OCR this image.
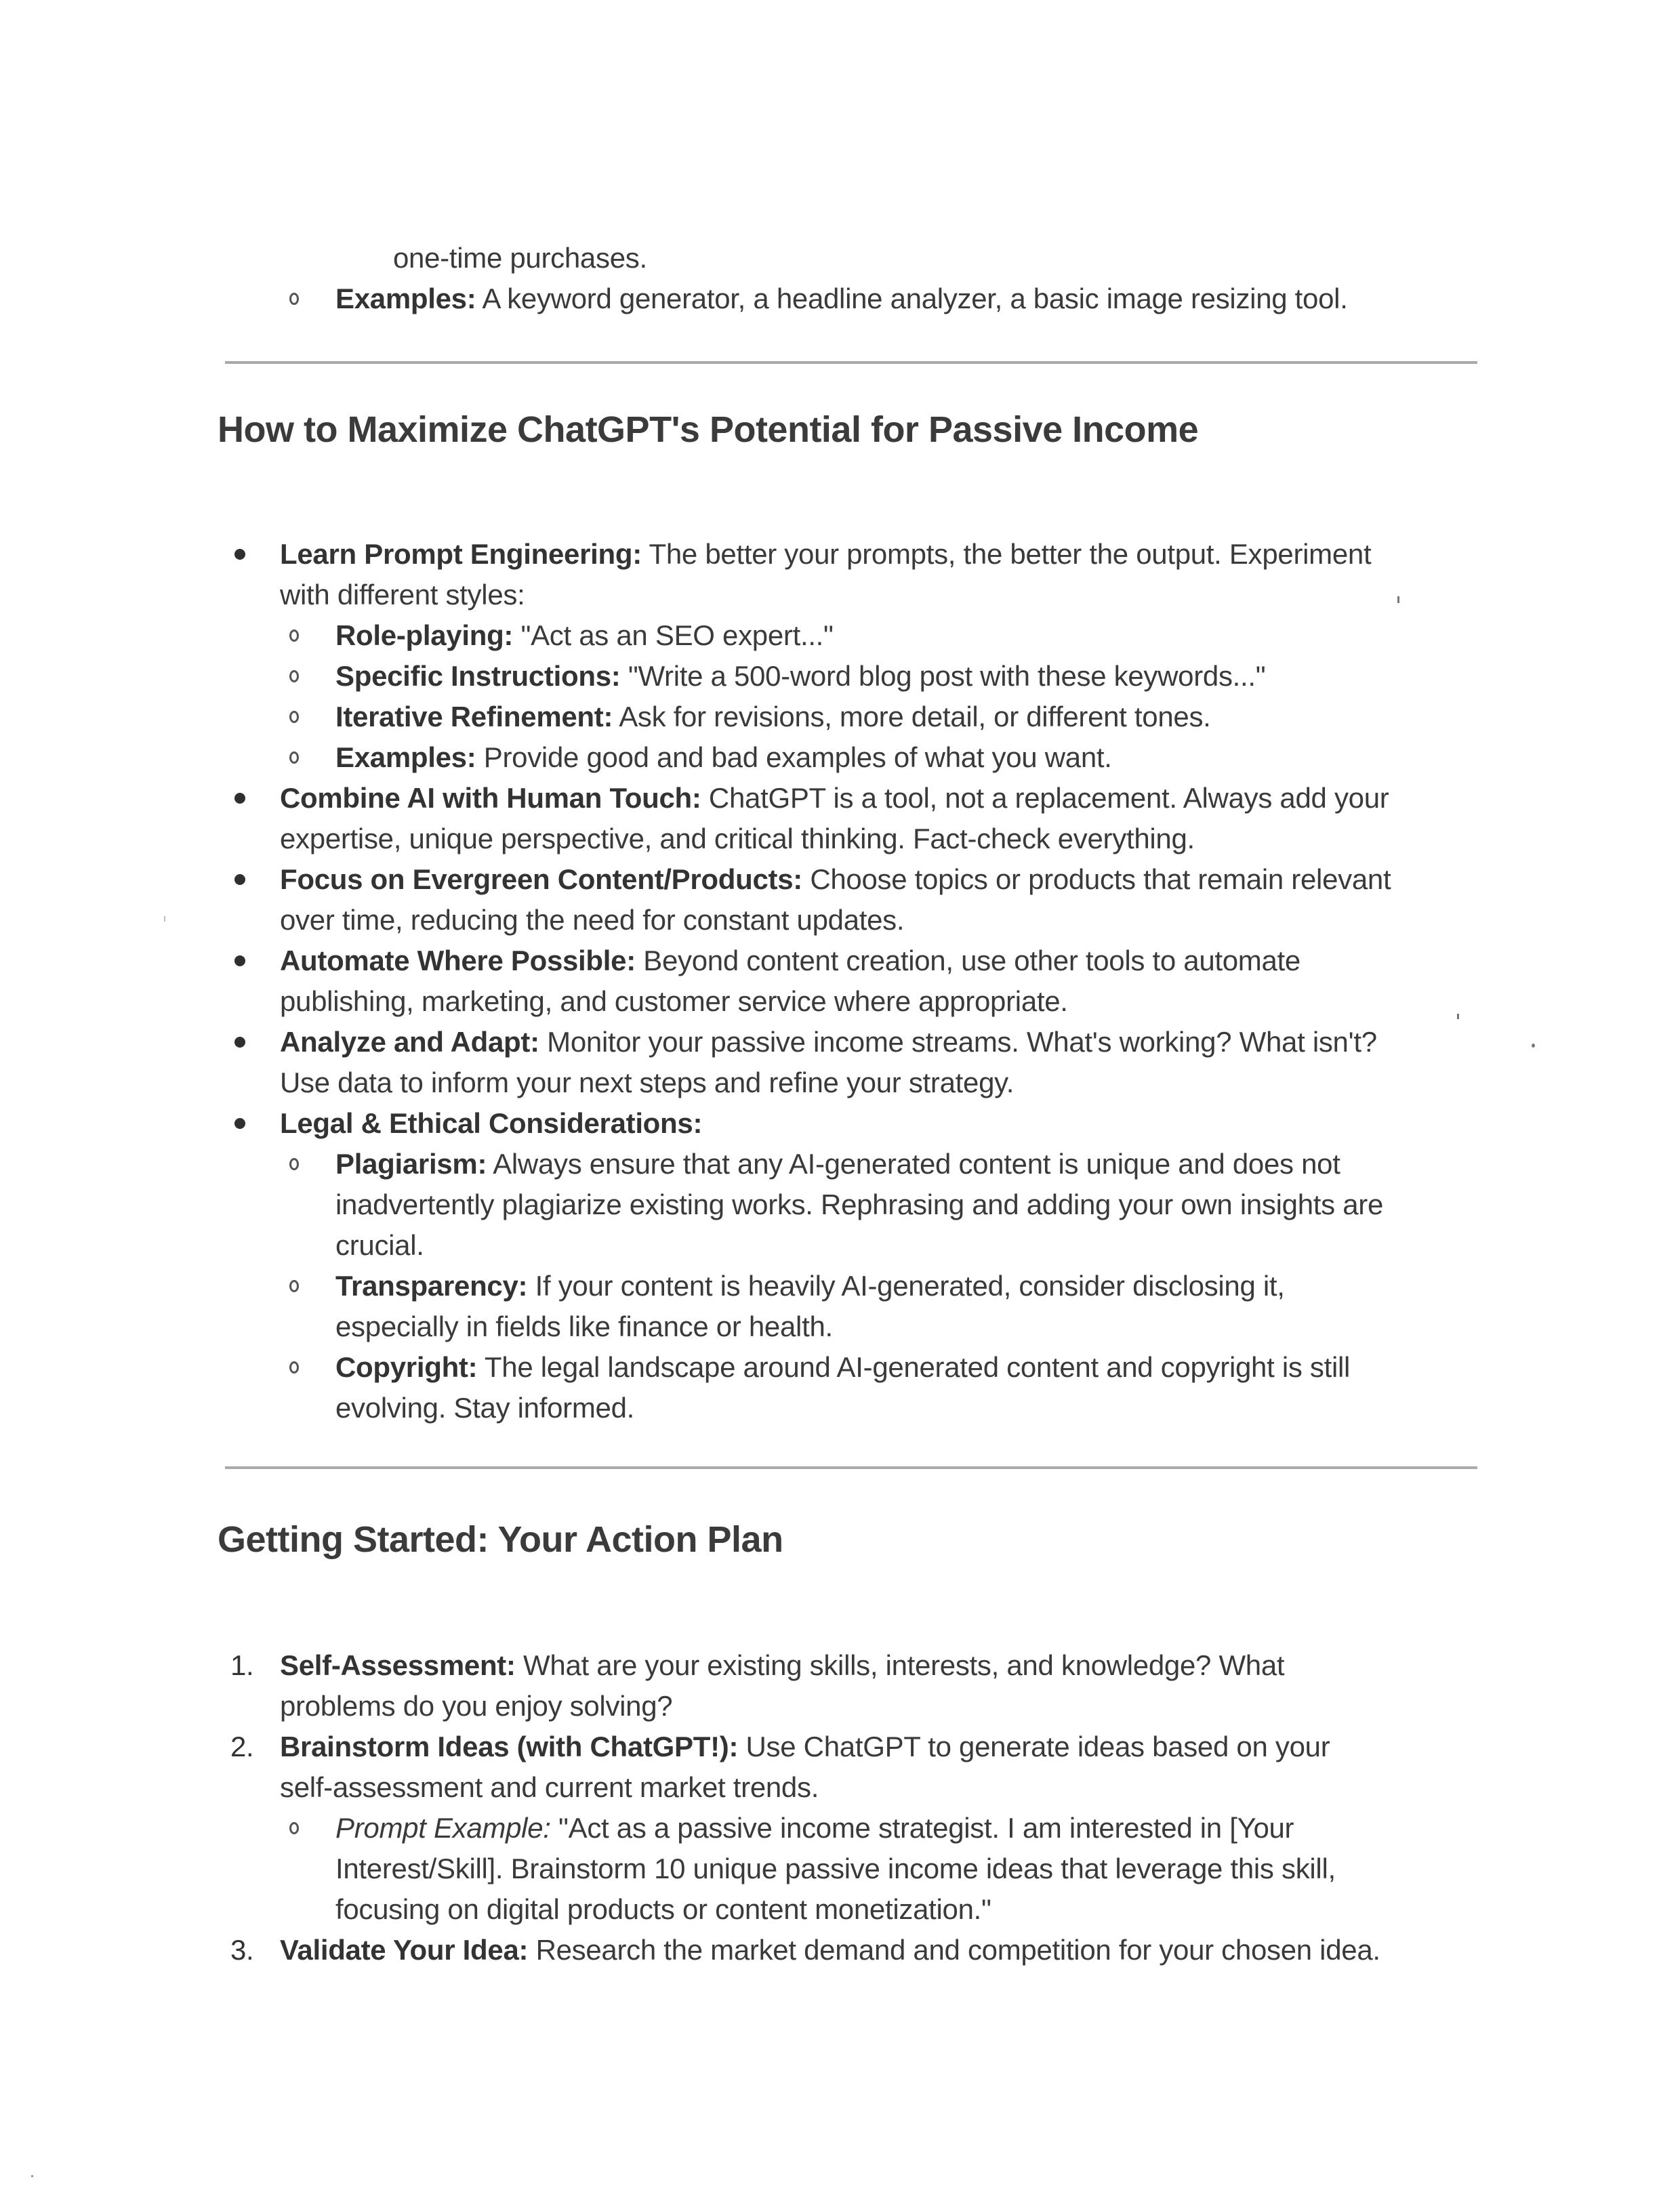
one-time purchases.
Examples: A keyword generator, a headline analyzer, a basic image resizing tool.
How to Maximize ChatGPT's Potential for Passive Income
Learn Prompt Engineering: The better your prompts, the better the output. Experiment
with different styles:
Role-playing: "Act as an SEO expert..."
Specific Instructions: "Write a 500-word blog post with these keywords..."
Iterative Refinement: Ask for revisions, more detail, or different tones.
Examples: Provide good and bad examples of what you want.
Combine AI with Human Touch: ChatGPT is a tool, not a replacement. Always add your
expertise, unique perspective, and critical thinking. Fact-check everything.
Focus on Evergreen Content/Products: Choose topics or products that remain relevant
over time, reducing the need for constant updates.
Automate Where Possible: Beyond content creation, use other tools to automate
publishing, marketing, and customer service where appropriate.
Analyze and Adapt: Monitor your passive income streams. What's working? What isn't?
Use data to inform your next steps and refine your strategy.
Legal & Ethical Considerations:
Plagiarism: Always ensure that any AI-generated content is unique and does not
inadvertently plagiarize existing works. Rephrasing and adding your own insights are
crucial.
Transparency: If your content is heavily AI-generated, consider disclosing it,
especially in fields like finance or health.
Copyright: The legal landscape around AI-generated content and copyright is still
evolving. Stay informed.
Getting Started: Your Action Plan
1. Self-Assessment: What are your existing skills, interests, and knowledge? What
problems do you enjoy solving?
2. Brainstorm Ideas (with ChatGPT!): Use ChatGPT to generate ideas based on your
self-assessment and current market trends.
Prompt Example: "Act as a passive income strategist. I am interested in [Your
Interest/Skill]. Brainstorm 10 unique passive income ideas that leverage this skill,
focusing on digital products or content monetization."
3. Validate Your Idea: Research the market demand and competition for your chosen idea.
